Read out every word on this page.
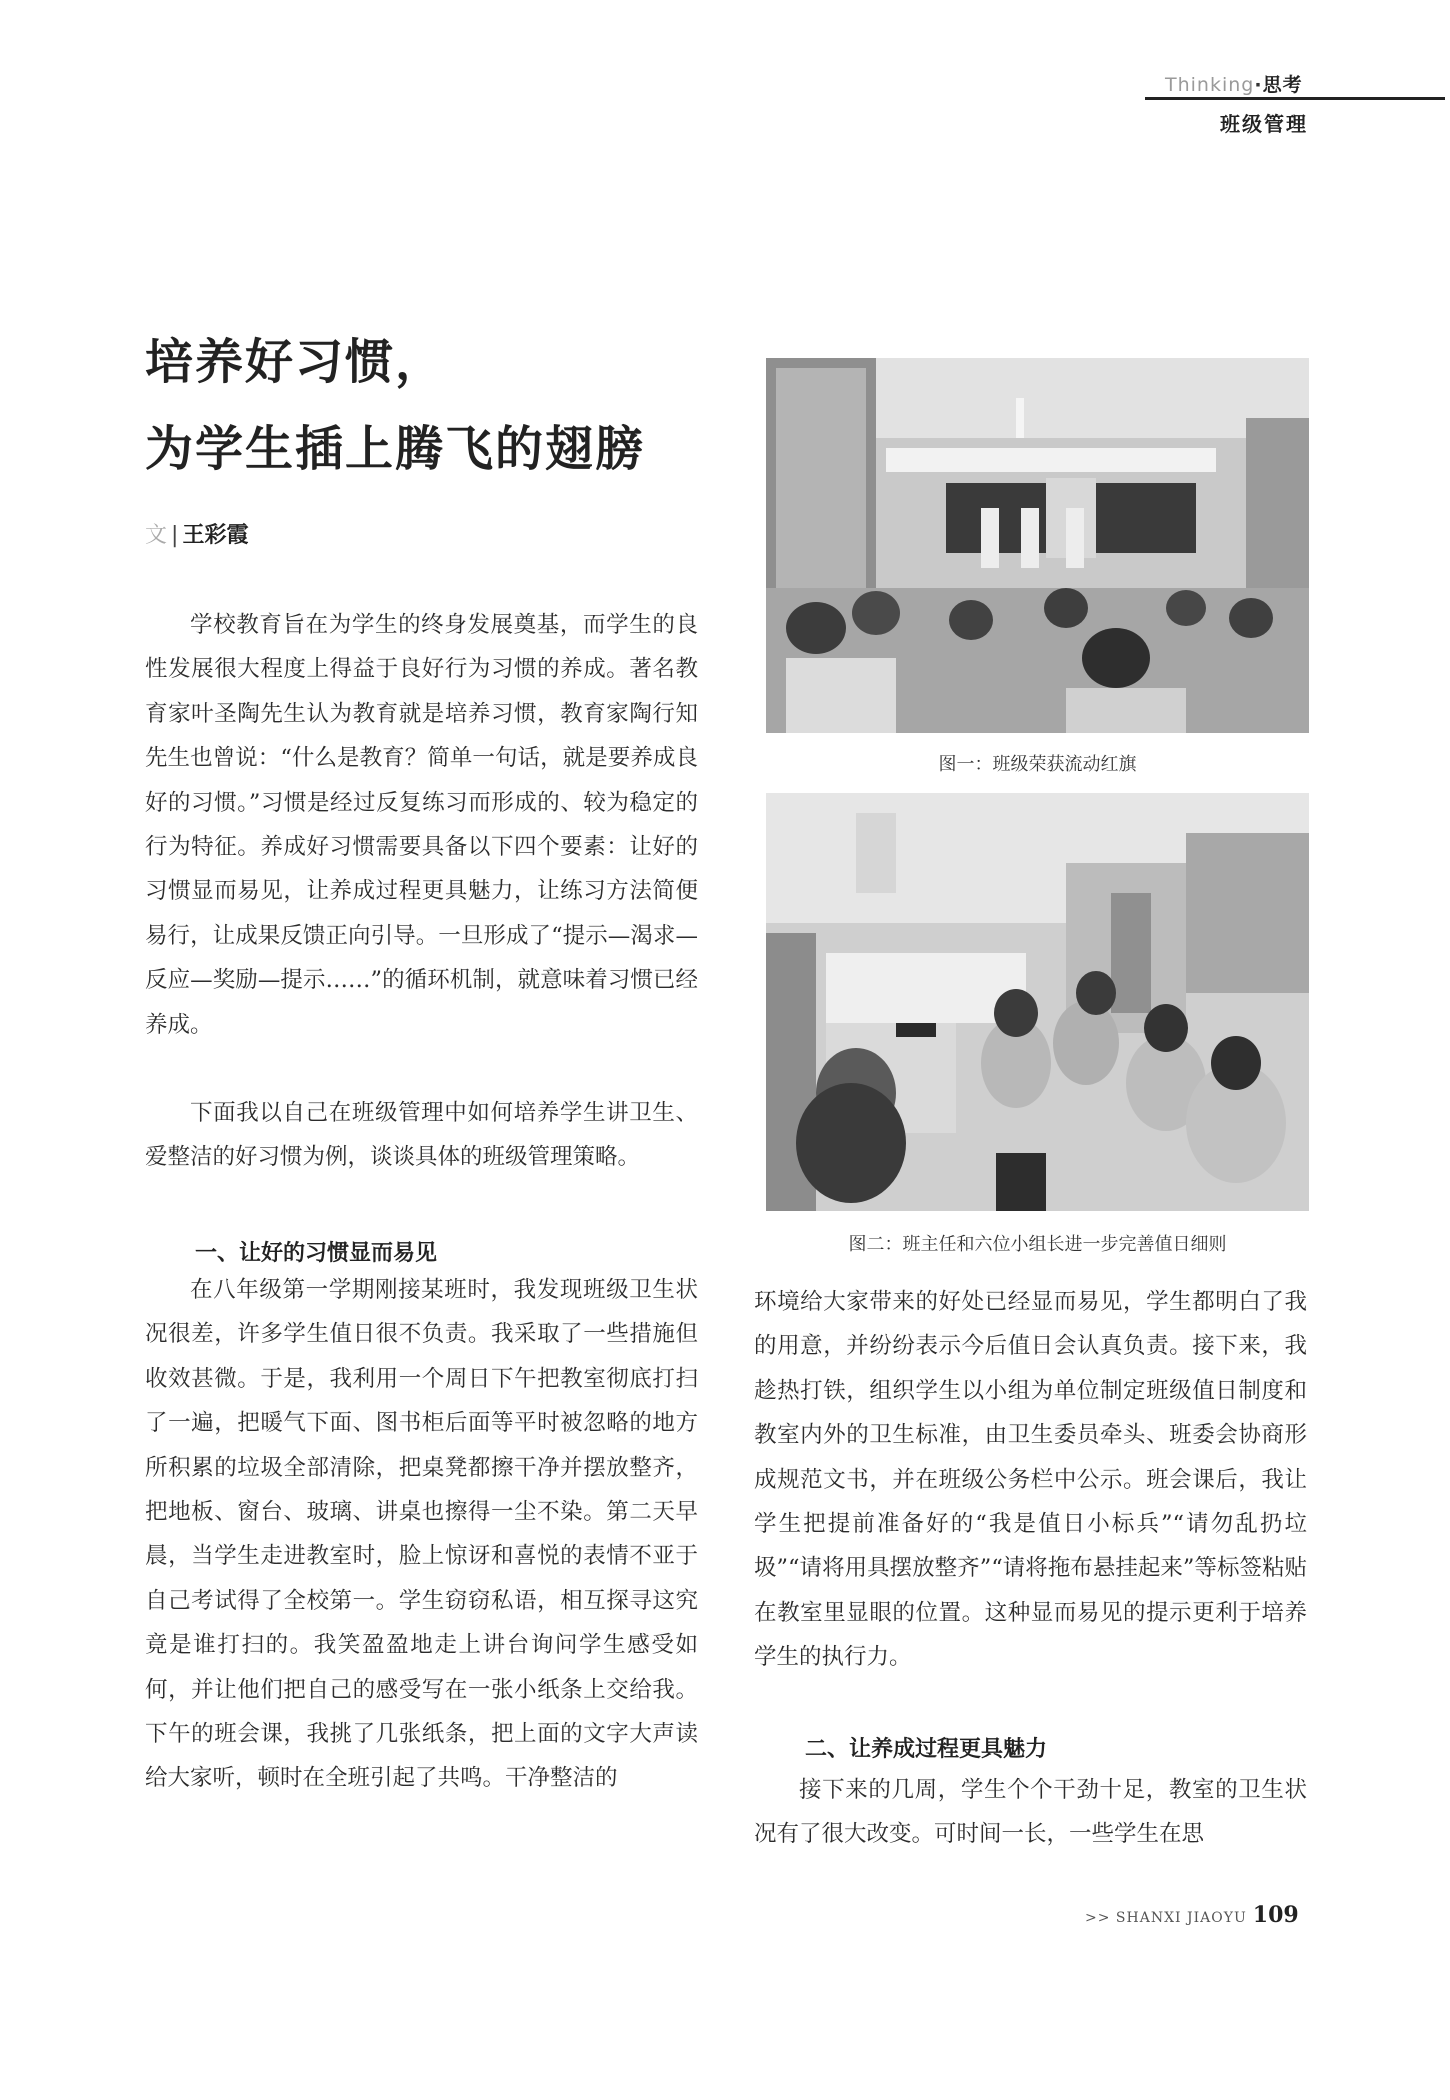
Thinking·思考
班级管理
培养好习惯，
为学生插上腾飞的翅膀
文 | 王彩霞
学校教育旨在为学生的终身发展奠基，而学生的良性发展很大程度上得益于良好行为习惯的养成。著名教育家叶圣陶先生认为教育就是培养习惯，教育家陶行知先生也曾说：“什么是教育？简单一句话，就是要养成良好的习惯。”习惯是经过反复练习而形成的、较为稳定的行为特征。养成好习惯需要具备以下四个要素：让好的习惯显而易见，让养成过程更具魅力，让练习方法简便易行，让成果反馈正向引导。一旦形成了“提示—渴求—反应—奖励—提示……”的循环机制，就意味着习惯已经养成。
下面我以自己在班级管理中如何培养学生讲卫生、爱整洁的好习惯为例，谈谈具体的班级管理策略。
一、让好的习惯显而易见
在八年级第一学期刚接某班时，我发现班级卫生状况很差，许多学生值日很不负责。我采取了一些措施但收效甚微。于是，我利用一个周日下午把教室彻底打扫了一遍，把暖气下面、图书柜后面等平时被忽略的地方所积累的垃圾全部清除，把桌凳都擦干净并摆放整齐，把地板、窗台、玻璃、讲桌也擦得一尘不染。第二天早晨，当学生走进教室时，脸上惊讶和喜悦的表情不亚于自己考试得了全校第一。学生窃窃私语，相互探寻这究竟是谁打扫的。我笑盈盈地走上讲台询问学生感受如何，并让他们把自己的感受写在一张小纸条上交给我。下午的班会课，我挑了几张纸条，把上面的文字大声读给大家听，顿时在全班引起了共鸣。干净整洁的
图一：班级荣获流动红旗
图二：班主任和六位小组长进一步完善值日细则
环境给大家带来的好处已经显而易见，学生都明白了我的用意，并纷纷表示今后值日会认真负责。接下来，我趁热打铁，组织学生以小组为单位制定班级值日制度和教室内外的卫生标准，由卫生委员牵头、班委会协商形成规范文书，并在班级公务栏中公示。班会课后，我让学生把提前准备好的“我是值日小标兵”“请勿乱扔垃圾”“请将用具摆放整齐”“请将拖布悬挂起来”等标签粘贴在教室里显眼的位置。这种显而易见的提示更利于培养学生的执行力。
二、让养成过程更具魅力
接下来的几周，学生个个干劲十足，教室的卫生状况有了很大改变。可时间一长，一些学生在思
>> SHANXI JIAOYU 109
